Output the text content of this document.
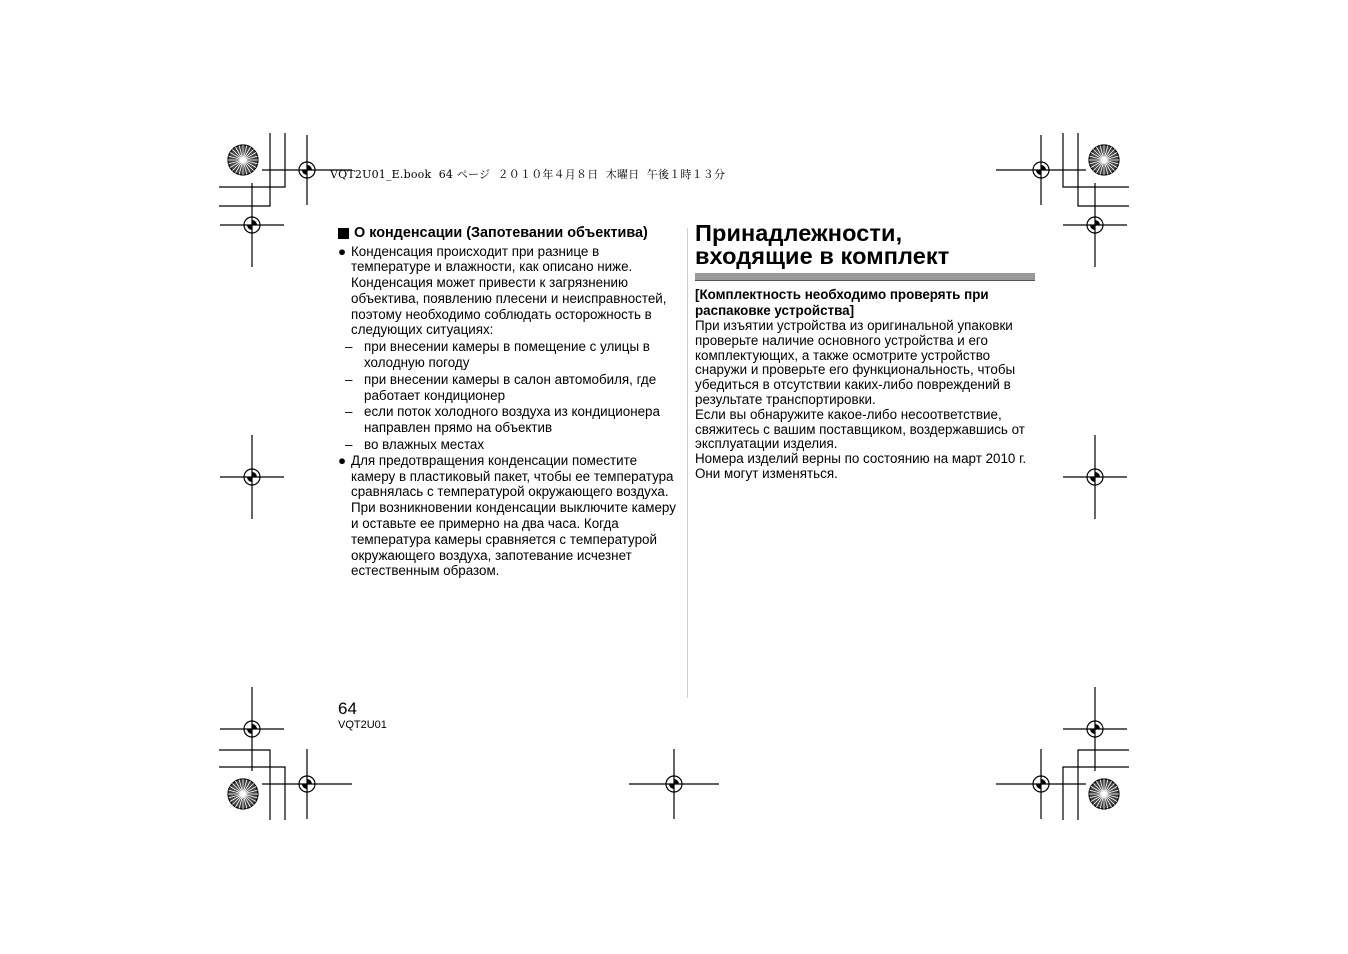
VQT2U01_E.book  64 ページ  ２０１０年４月８日  木曜日  午後１時１３分
О конденсации (Запотевании объектива)
● Конденсация происходит при разнице в температуре и влажности, как описано ниже. Конденсация может привести к загрязнению объектива, появлению плесени и неисправностей, поэтому необходимо соблюдать осторожность в следующих ситуациях:
– при внесении камеры в помещение с улицы в холодную погоду
– при внесении камеры в салон автомобиля, где работает кондиционер
– если поток холодного воздуха из кондиционера направлен прямо на объектив
– во влажных местах
● Для предотвращения конденсации поместите камеру в пластиковый пакет, чтобы ее температура сравнялась с температурой окружающего воздуха. При возникновении конденсации выключите камеру и оставьте ее примерно на два часа. Когда температура камеры сравняется с температурой окружающего воздуха, запотевание исчезнет естественным образом.
Принадлежности,
входящие в комплект
[Комплектность необходимо проверять при распаковке устройства]
При изъятии устройства из оригинальной упаковки проверьте наличие основного устройства и его комплектующих, а также осмотрите устройство снаружи и проверьте его функциональность, чтобы убедиться в отсутствии каких-либо повреждений в результате транспортировки.
Если вы обнаружите какое-либо несоответствие, свяжитесь с вашим поставщиком, воздержавшись от эксплуатации изделия.
Номера изделий верны по состоянию на март 2010 г. Они могут изменяться.
64
VQT2U01
